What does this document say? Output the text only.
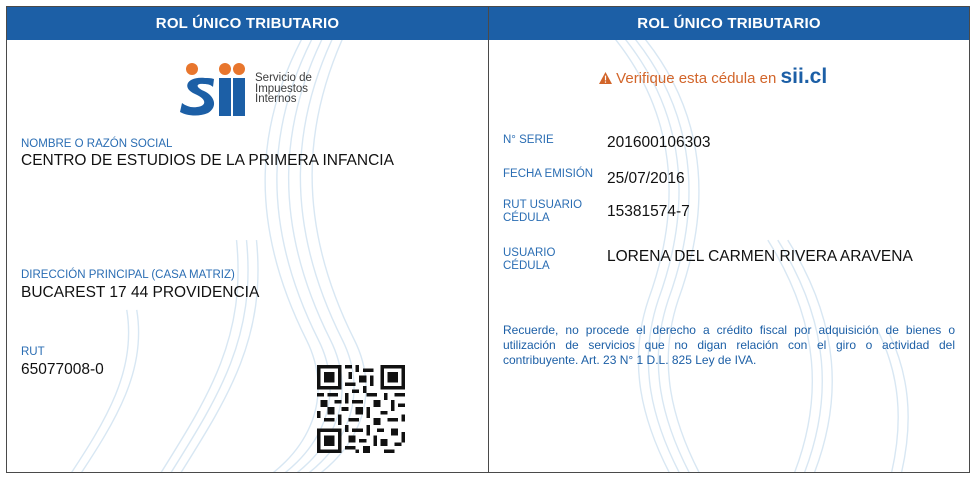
ROL ÚNICO TRIBUTARIO
Servicio de
Impuestos
Internos
NOMBRE O RAZÓN SOCIAL
CENTRO DE ESTUDIOS DE LA PRIMERA INFANCIA
DIRECCIÓN PRINCIPAL (CASA MATRIZ)
BUCAREST 17 44 PROVIDENCIA
RUT
65077008-0
ROL ÚNICO TRIBUTARIO
Verifique esta cédula en sii.cl
N° SERIE	201600106303
FECHA EMISIÓN 25/07/2016
RUT USUARIO
CÉDULA	15381574-7
USUARIO
CÉDULA
LORENA DEL CARMEN RIVERA ARAVENA
Recuerde, no procede el derecho a crédito fiscal por adquisición de bienes o utilización de servicios que no digan relación con el giro o actividad del contribuyente. Art. 23 N° 1 D.L. 825 Ley de IVA.
